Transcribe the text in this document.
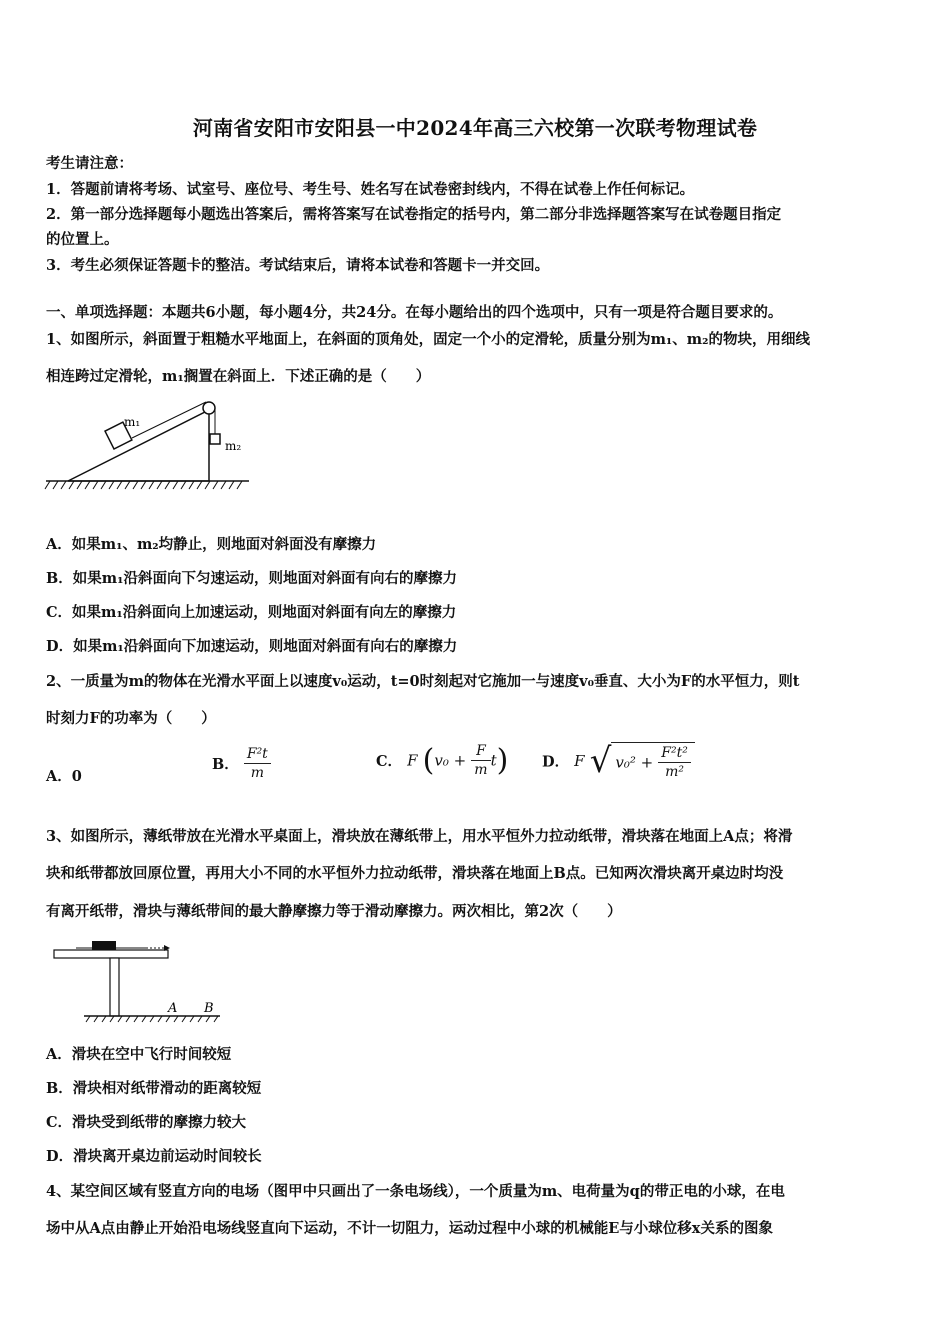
河南省安阳市安阳县一中2024年高三六校第一次联考物理试卷
考生请注意：
1．答题前请将考场、试室号、座位号、考生号、姓名写在试卷密封线内，不得在试卷上作任何标记。
2．第一部分选择题每小题选出答案后，需将答案写在试卷指定的括号内，第二部分非选择题答案写在试卷题目指定
的位置上。
3．考生必须保证答题卡的整洁。考试结束后，请将本试卷和答题卡一并交回。
一、单项选择题：本题共6小题，每小题4分，共24分。在每小题给出的四个选项中，只有一项是符合题目要求的。
1、如图所示，斜面置于粗糙水平地面上，在斜面的顶角处，固定一个小的定滑轮，质量分别为m₁、m₂的物块，用细线
相连跨过定滑轮，m₁搁置在斜面上．下述正确的是（　　）
m₁
m₂
A．如果m₁、m₂均静止，则地面对斜面没有摩擦力
B．如果m₁沿斜面向下匀速运动，则地面对斜面有向右的摩擦力
C．如果m₁沿斜面向上加速运动，则地面对斜面有向左的摩擦力
D．如果m₁沿斜面向下加速运动，则地面对斜面有向右的摩擦力
2、一质量为m的物体在光滑水平面上以速度v₀运动，t=0时刻起对它施加一与速度v₀垂直、大小为F的水平恒力，则t
时刻力F的功率为（　　）
A．0
B． $\frac{\text{F²t}}{m}$	C． F $(v_0 + \frac{F}{m} t)$ D． F √ $v_0^2 + \frac{\text{F²t²}}{\text{m²}}$
3、如图所示，薄纸带放在光滑水平桌面上，滑块放在薄纸带上，用水平恒外力拉动纸带，滑块落在地面上A点；将滑
块和纸带都放回原位置，再用大小不同的水平恒外力拉动纸带，滑块落在地面上B点。已知两次滑块离开桌边时均没
有离开纸带，滑块与薄纸带间的最大静摩擦力等于滑动摩擦力。两次相比，第2次（　　）
A B
A．滑块在空中飞行时间较短
B．滑块相对纸带滑动的距离较短
C．滑块受到纸带的摩擦力较大
D．滑块离开桌边前运动时间较长
4、某空间区域有竖直方向的电场（图甲中只画出了一条电场线），一个质量为m、电荷量为q的带正电的小球，在电
场中从A点由静止开始沿电场线竖直向下运动，不计一切阻力，运动过程中小球的机械能E与小球位移x关系的图象
